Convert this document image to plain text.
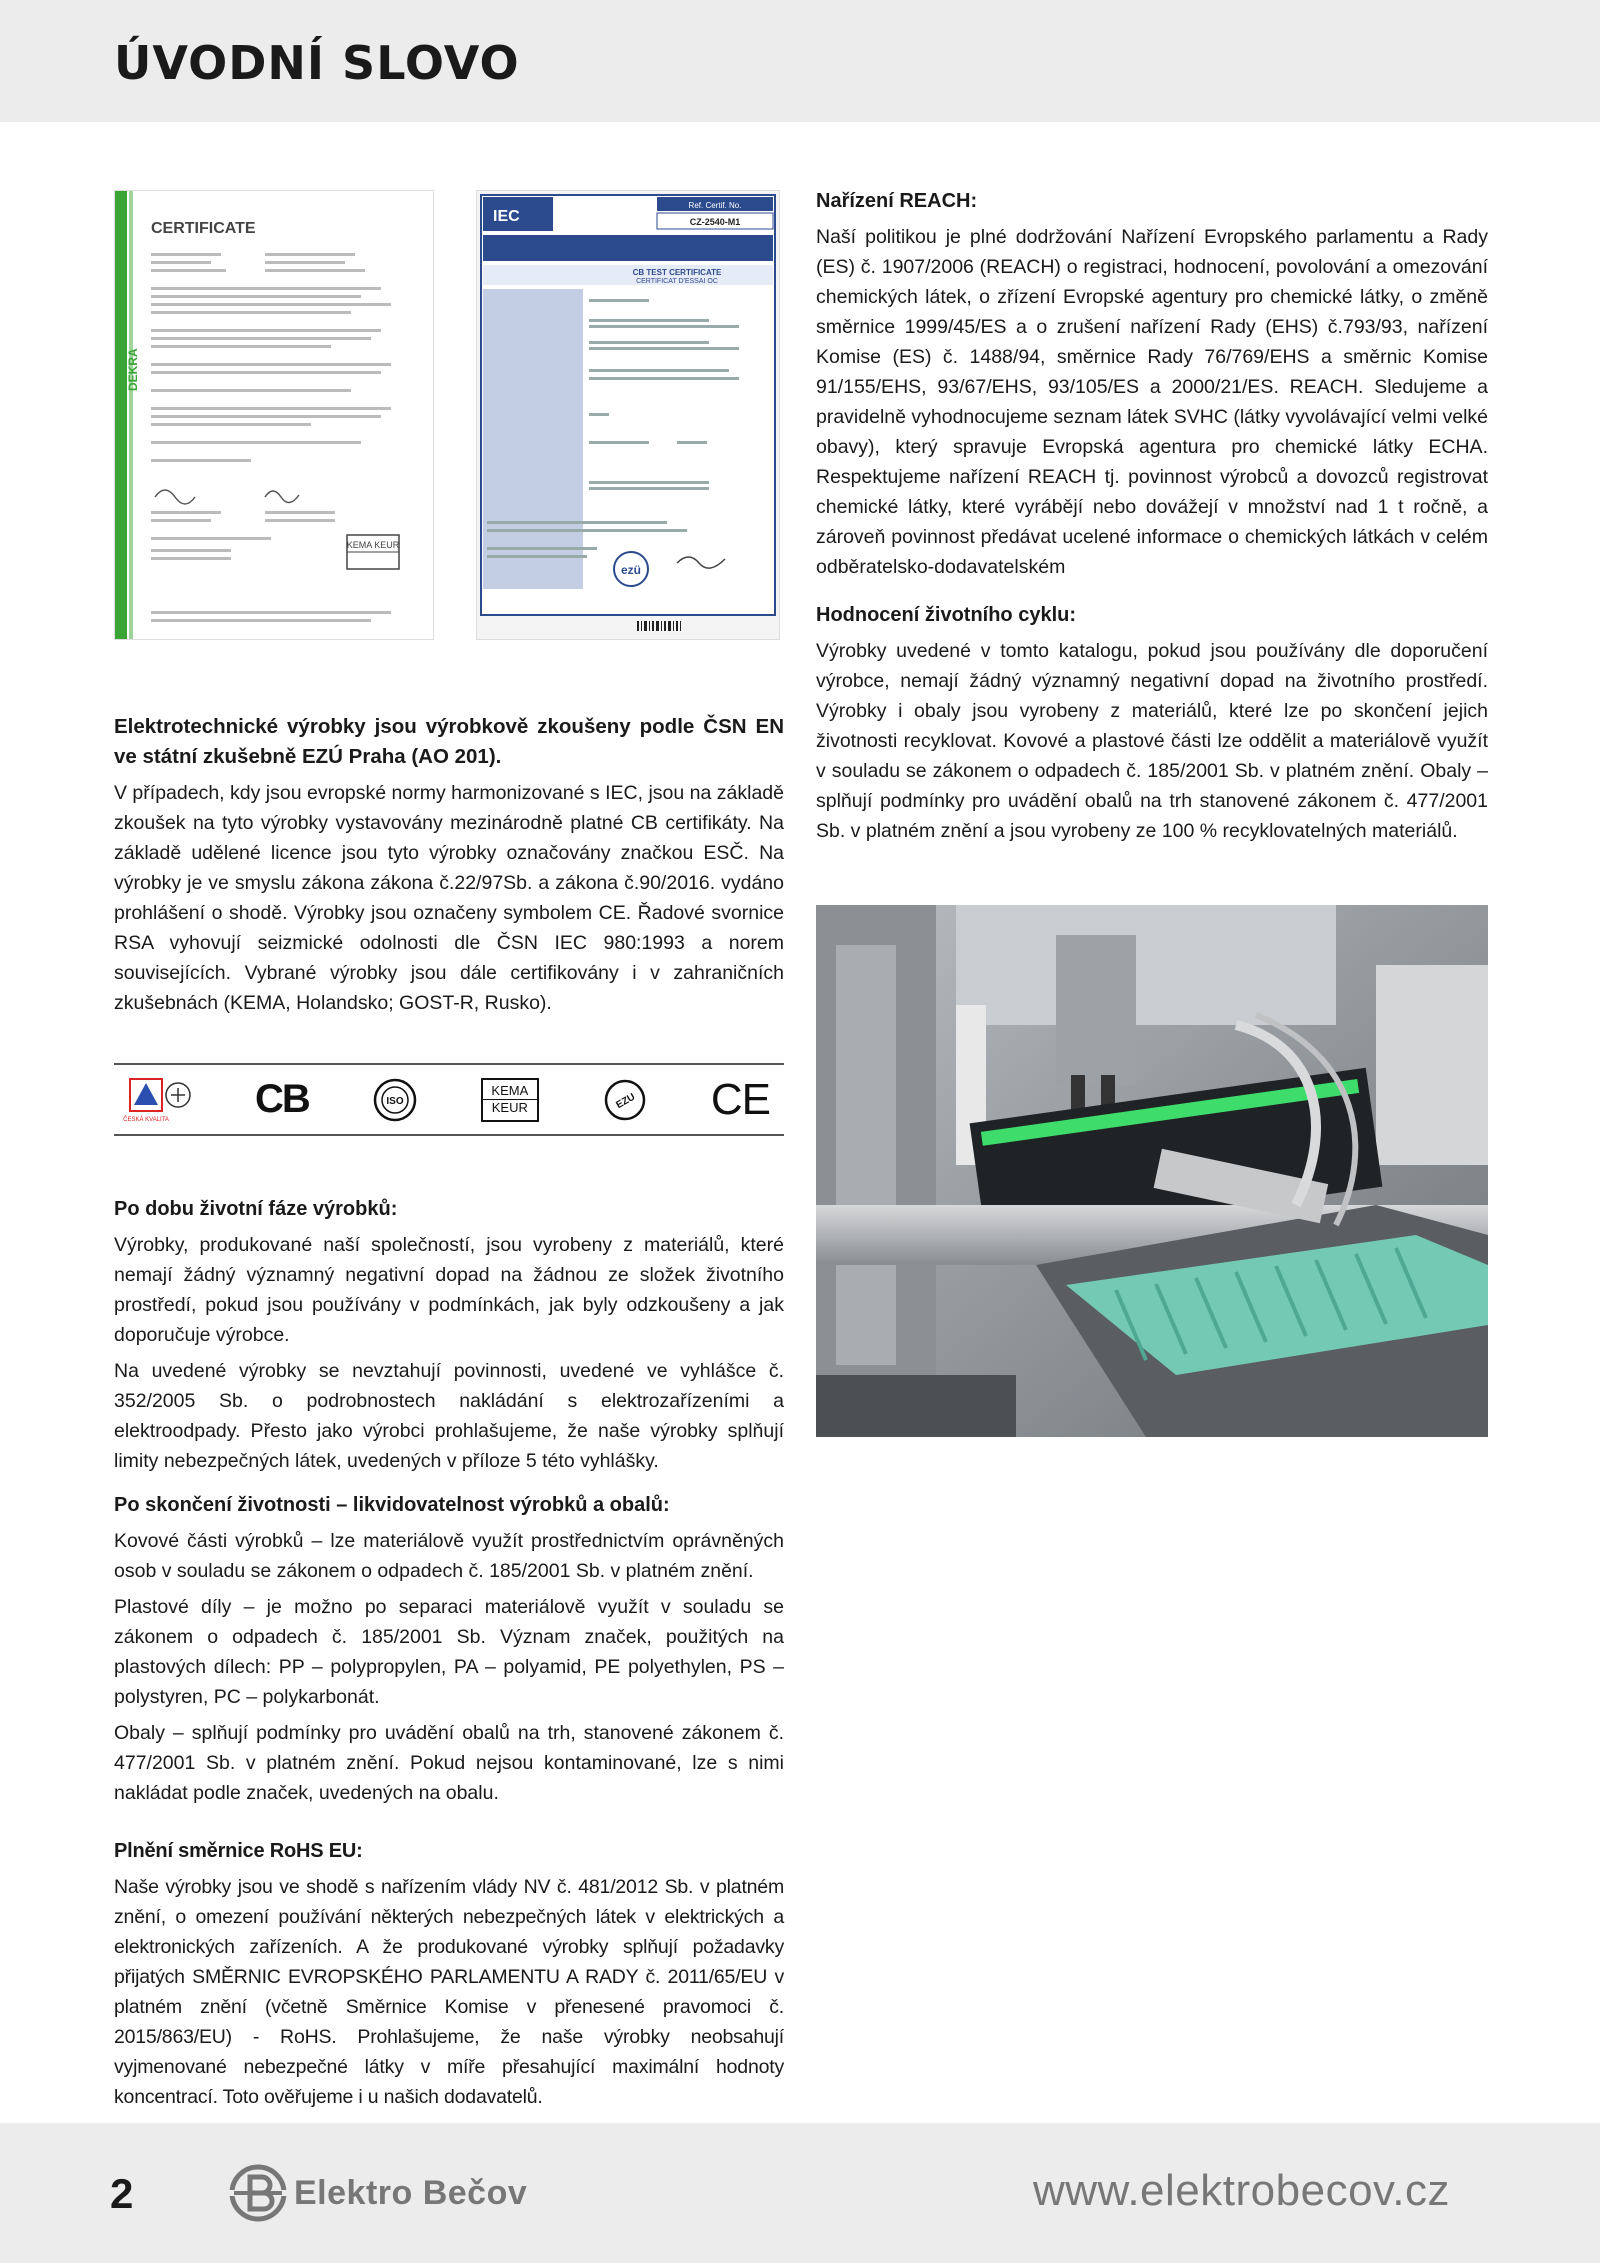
ÚVODNÍ SLOVO
DEKRA
CERTIFICATE
KEMA KEUR
IEC
Ref. Certif. No.
CZ-2540-M1
CB TEST CERTIFICATE
CERTIFICAT D'ESSAI OC
ezü
Elektrotechnické výrobky jsou výrobkově zkoušeny podle ČSN EN ve státní zkušebně EZÚ Praha (AO 201).

V případech, kdy jsou evropské normy harmonizované s IEC, jsou na základě zkoušek na tyto výrobky vystavovány mezinárodně platné CB certifikáty. Na základě udělené licence jsou tyto výrobky označovány značkou ESČ. Na výrobky je ve smyslu zákona zákona č.22/97Sb. a zákona č.90/2016. vydáno prohlášení o shodě. Výrobky jsou označeny symbolem CE. Řadové svornice RSA vyhovují seizmické odolnosti dle ČSN IEC 980:1993 a norem souvisejících. Vybrané výrobky jsou dále certifikovány i v zahraničních zkušebnách (KEMA, Holandsko; GOST-R, Rusko).

ČESKÁ KVALITA CB	ISO
KEMA
KEUR	EZU CE
Po dobu životní fáze výrobků:

Výrobky, produkované naší společností, jsou vyrobeny z materiálů, které nemají žádný významný negativní dopad na žádnou ze složek životního prostředí, pokud jsou používány v podmínkách, jak byly odzkoušeny a jak doporučuje výrobce.

Na uvedené výrobky se nevztahují povinnosti, uvedené ve vyhlášce č. 352/2005 Sb. o podrobnostech nakládání s elektrozařízeními a elektroodpady. Přesto jako výrobci prohlašujeme, že naše výrobky splňují limity nebezpečných látek, uvedených v příloze 5 této vyhlášky.

Po skončení životnosti – likvidovatelnost výrobků a obalů:

Kovové části výrobků – lze materiálově využít prostřednictvím oprávněných osob v souladu se zákonem o odpadech č. 185/2001 Sb. v platném znění.

Plastové díly – je možno po separaci materiálově využít v souladu se zákonem o odpadech č. 185/2001 Sb. Význam značek, použitých na plastových dílech: PP – polypropylen, PA – polyamid, PE polyethylen, PS – polystyren, PC – polykarbonát.

Obaly – splňují podmínky pro uvádění obalů na trh, stanovené zákonem č. 477/2001 Sb. v platném znění. Pokud nejsou kontaminované, lze s nimi nakládat podle značek, uvedených na obalu.

Plnění směrnice RoHS EU:

Naše výrobky jsou ve shodě s nařízením vlády NV č. 481/2012 Sb. v platném znění, o omezení používání některých nebezpečných látek v elektrických a elektronických zařízeních. A že produkované výrobky splňují požadavky přijatých SMĚRNIC EVROPSKÉHO PARLAMENTU A RADY č. 2011/65/EU v platném znění (včetně Směrnice Komise v přenesené pravomoci č. 2015/863/EU) - RoHS. Prohlašujeme, že naše výrobky neobsahují vyjmenované nebezpečné látky v míře přesahující maximální hodnoty koncentrací. Toto ověřujeme i u našich dodavatelů.

Nařízení REACH:

Naší politikou je plné dodržování Nařízení Evropského parlamentu a Rady (ES) č. 1907/2006 (REACH) o registraci, hodnocení, povolování a omezování chemických látek, o zřízení Evropské agentury pro chemické látky, o změně směrnice 1999/45/ES a o zrušení nařízení Rady (EHS) č.793/93, nařízení Komise (ES) č. 1488/94, směrnice Rady 76/769/EHS a směrnic Komise 91/155/EHS, 93/67/EHS, 93/105/ES a 2000/21/ES. REACH. Sledujeme a pravidelně vyhodnocujeme seznam látek SVHC (látky vyvolávající velmi velké obavy), který spravuje Evropská agentura pro chemické látky ECHA. Respektujeme nařízení REACH tj. povinnost výrobců a dovozců registrovat chemické látky, které vyrábějí nebo dovážejí v množství nad 1 t ročně, a zároveň povinnost předávat ucelené informace o chemických látkách v celém odběratelsko-dodavatelském

Hodnocení životního cyklu:

Výrobky uvedené v tomto katalogu, pokud jsou používány dle doporučení výrobce, nemají žádný významný negativní dopad na životního prostředí. Výrobky i obaly jsou vyrobeny z materiálů, které lze po skončení jejich životnosti recyklovat. Kovové a plastové části lze oddělit a materiálově využít v souladu se zákonem o odpadech č. 185/2001 Sb. v platném znění. Obaly – splňují podmínky pro uvádění obalů na trh stanovené zákonem č. 477/2001 Sb. v platném znění a jsou vyrobeny ze 100 % recyklovatelných materiálů.

2	Elektro Bečov	www.elektrobecov.cz
